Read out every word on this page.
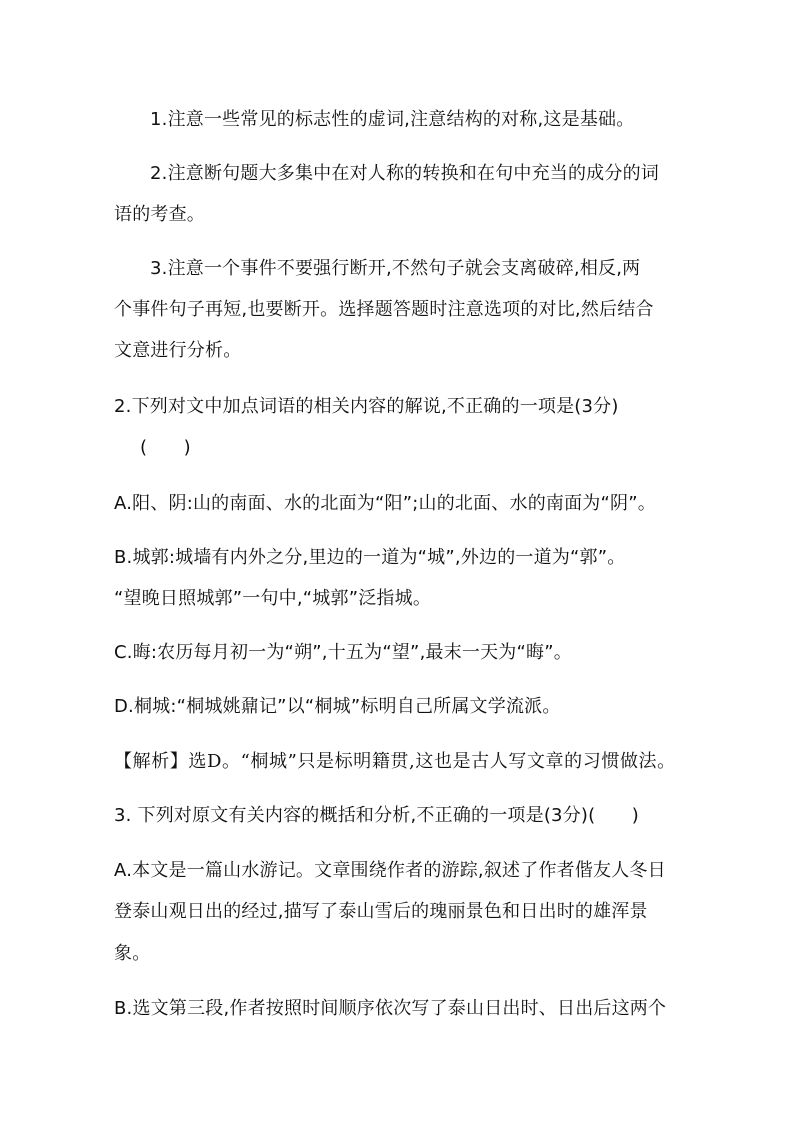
1.注意一些常见的标志性的虚词,注意结构的对称,这是基础。
2.注意断句题大多集中在对人称的转换和在句中充当的成分的词
语的考查。
3.注意一个事件不要强行断开,不然句子就会支离破碎,相反,两
个事件句子再短,也要断开。选择题答题时注意选项的对比,然后结合
文意进行分析。
2.下列对文中加点词语的相关内容的解说,不正确的一项是(3分)
(　　)
A.阳、阴:山的南面、水的北面为“阳”;山的北面、水的南面为“阴”。
B.城郭:城墙有内外之分,里边的一道为“城”,外边的一道为“郭”。
“望晚日照城郭”一句中,“城郭”泛指城。
C.晦:农历每月初一为“朔”,十五为“望”,最末一天为“晦”。
D.桐城:“桐城姚鼐记”以“桐城”标明自己所属文学流派。
【解析】选D。“桐城”只是标明籍贯,这也是古人写文章的习惯做法。
3. 下列对原文有关内容的概括和分析,不正确的一项是(3分)(　　)
A.本文是一篇山水游记。文章围绕作者的游踪,叙述了作者偕友人冬日
登泰山观日出的经过,描写了泰山雪后的瑰丽景色和日出时的雄浑景
象。
B.选文第三段,作者按照时间顺序依次写了泰山日出时、日出后这两个
